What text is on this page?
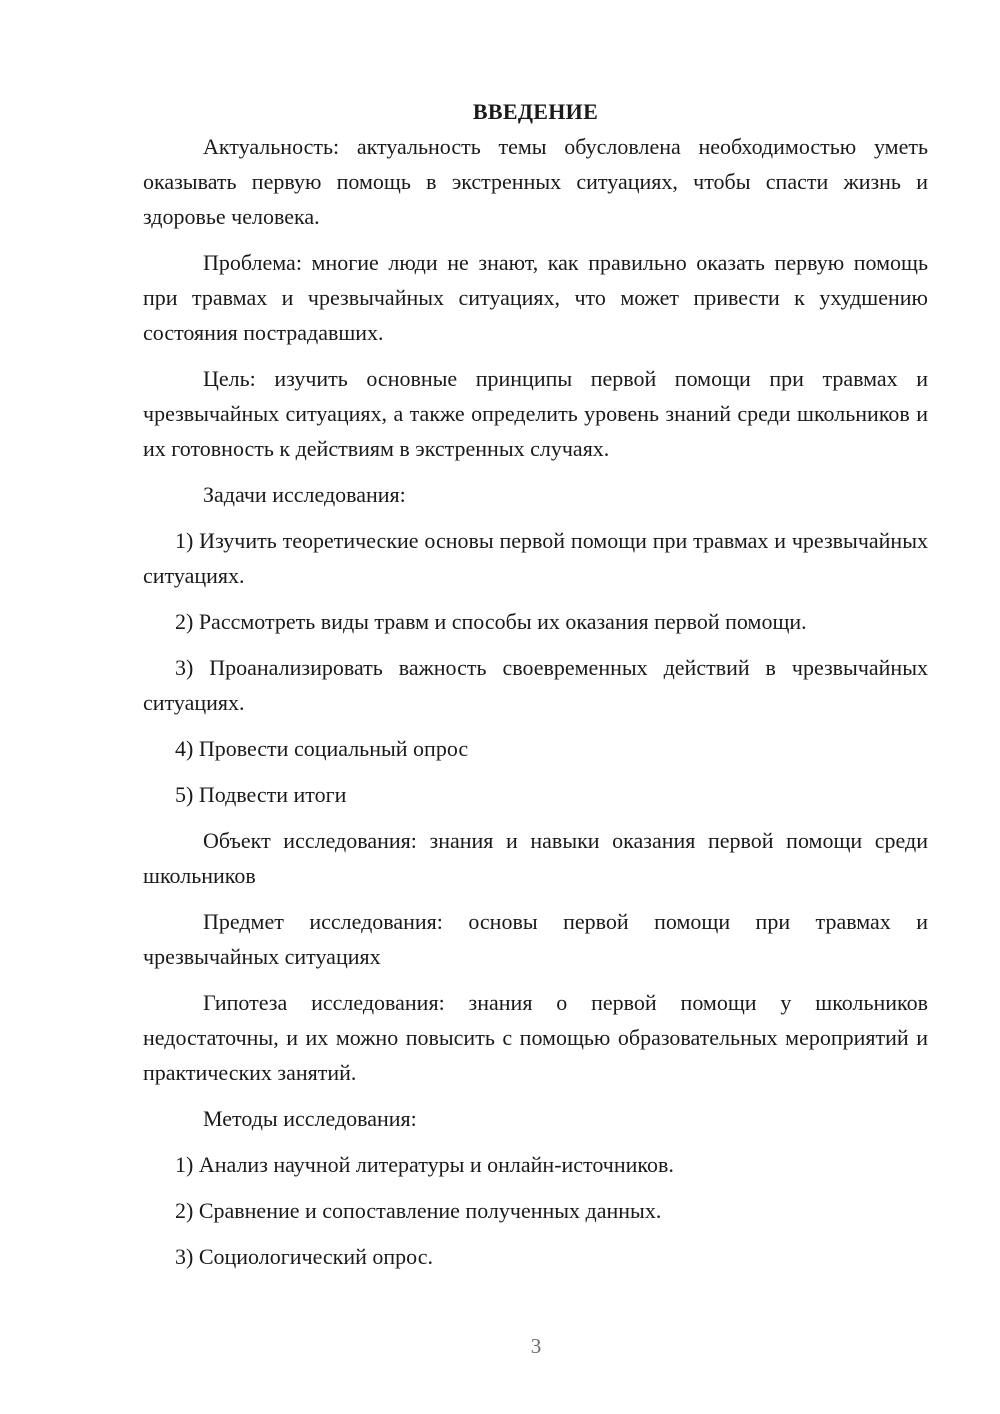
ВВЕДЕНИЕ

Актуальность: актуальность темы обусловлена необходимостью уметь оказывать первую помощь в экстренных ситуациях, чтобы спасти жизнь и здоровье человека.

Проблема: многие люди не знают, как правильно оказать первую помощь при травмах и чрезвычайных ситуациях, что может привести к ухудшению состояния пострадавших.

Цель: изучить основные принципы первой помощи при травмах и чрезвычайных ситуациях, а также определить уровень знаний среди школьников и их готовность к действиям в экстренных случаях.

Задачи исследования:

1) Изучить теоретические основы первой помощи при травмах и чрезвычайных ситуациях.

2) Рассмотреть виды травм и способы их оказания первой помощи.

3) Проанализировать важность своевременных действий в чрезвычайных ситуациях.

4) Провести социальный опрос

5) Подвести итоги

Объект исследования: знания и навыки оказания первой помощи среди школьников

Предмет исследования: основы первой помощи при травмах и чрезвычайных ситуациях

Гипотеза исследования: знания о первой помощи у школьников недостаточны, и их можно повысить с помощью образовательных мероприятий и практических занятий.

Методы исследования:

1) Анализ научной литературы и онлайн-источников.

2) Сравнение и сопоставление полученных данных.

3) Социологический опрос.

3
